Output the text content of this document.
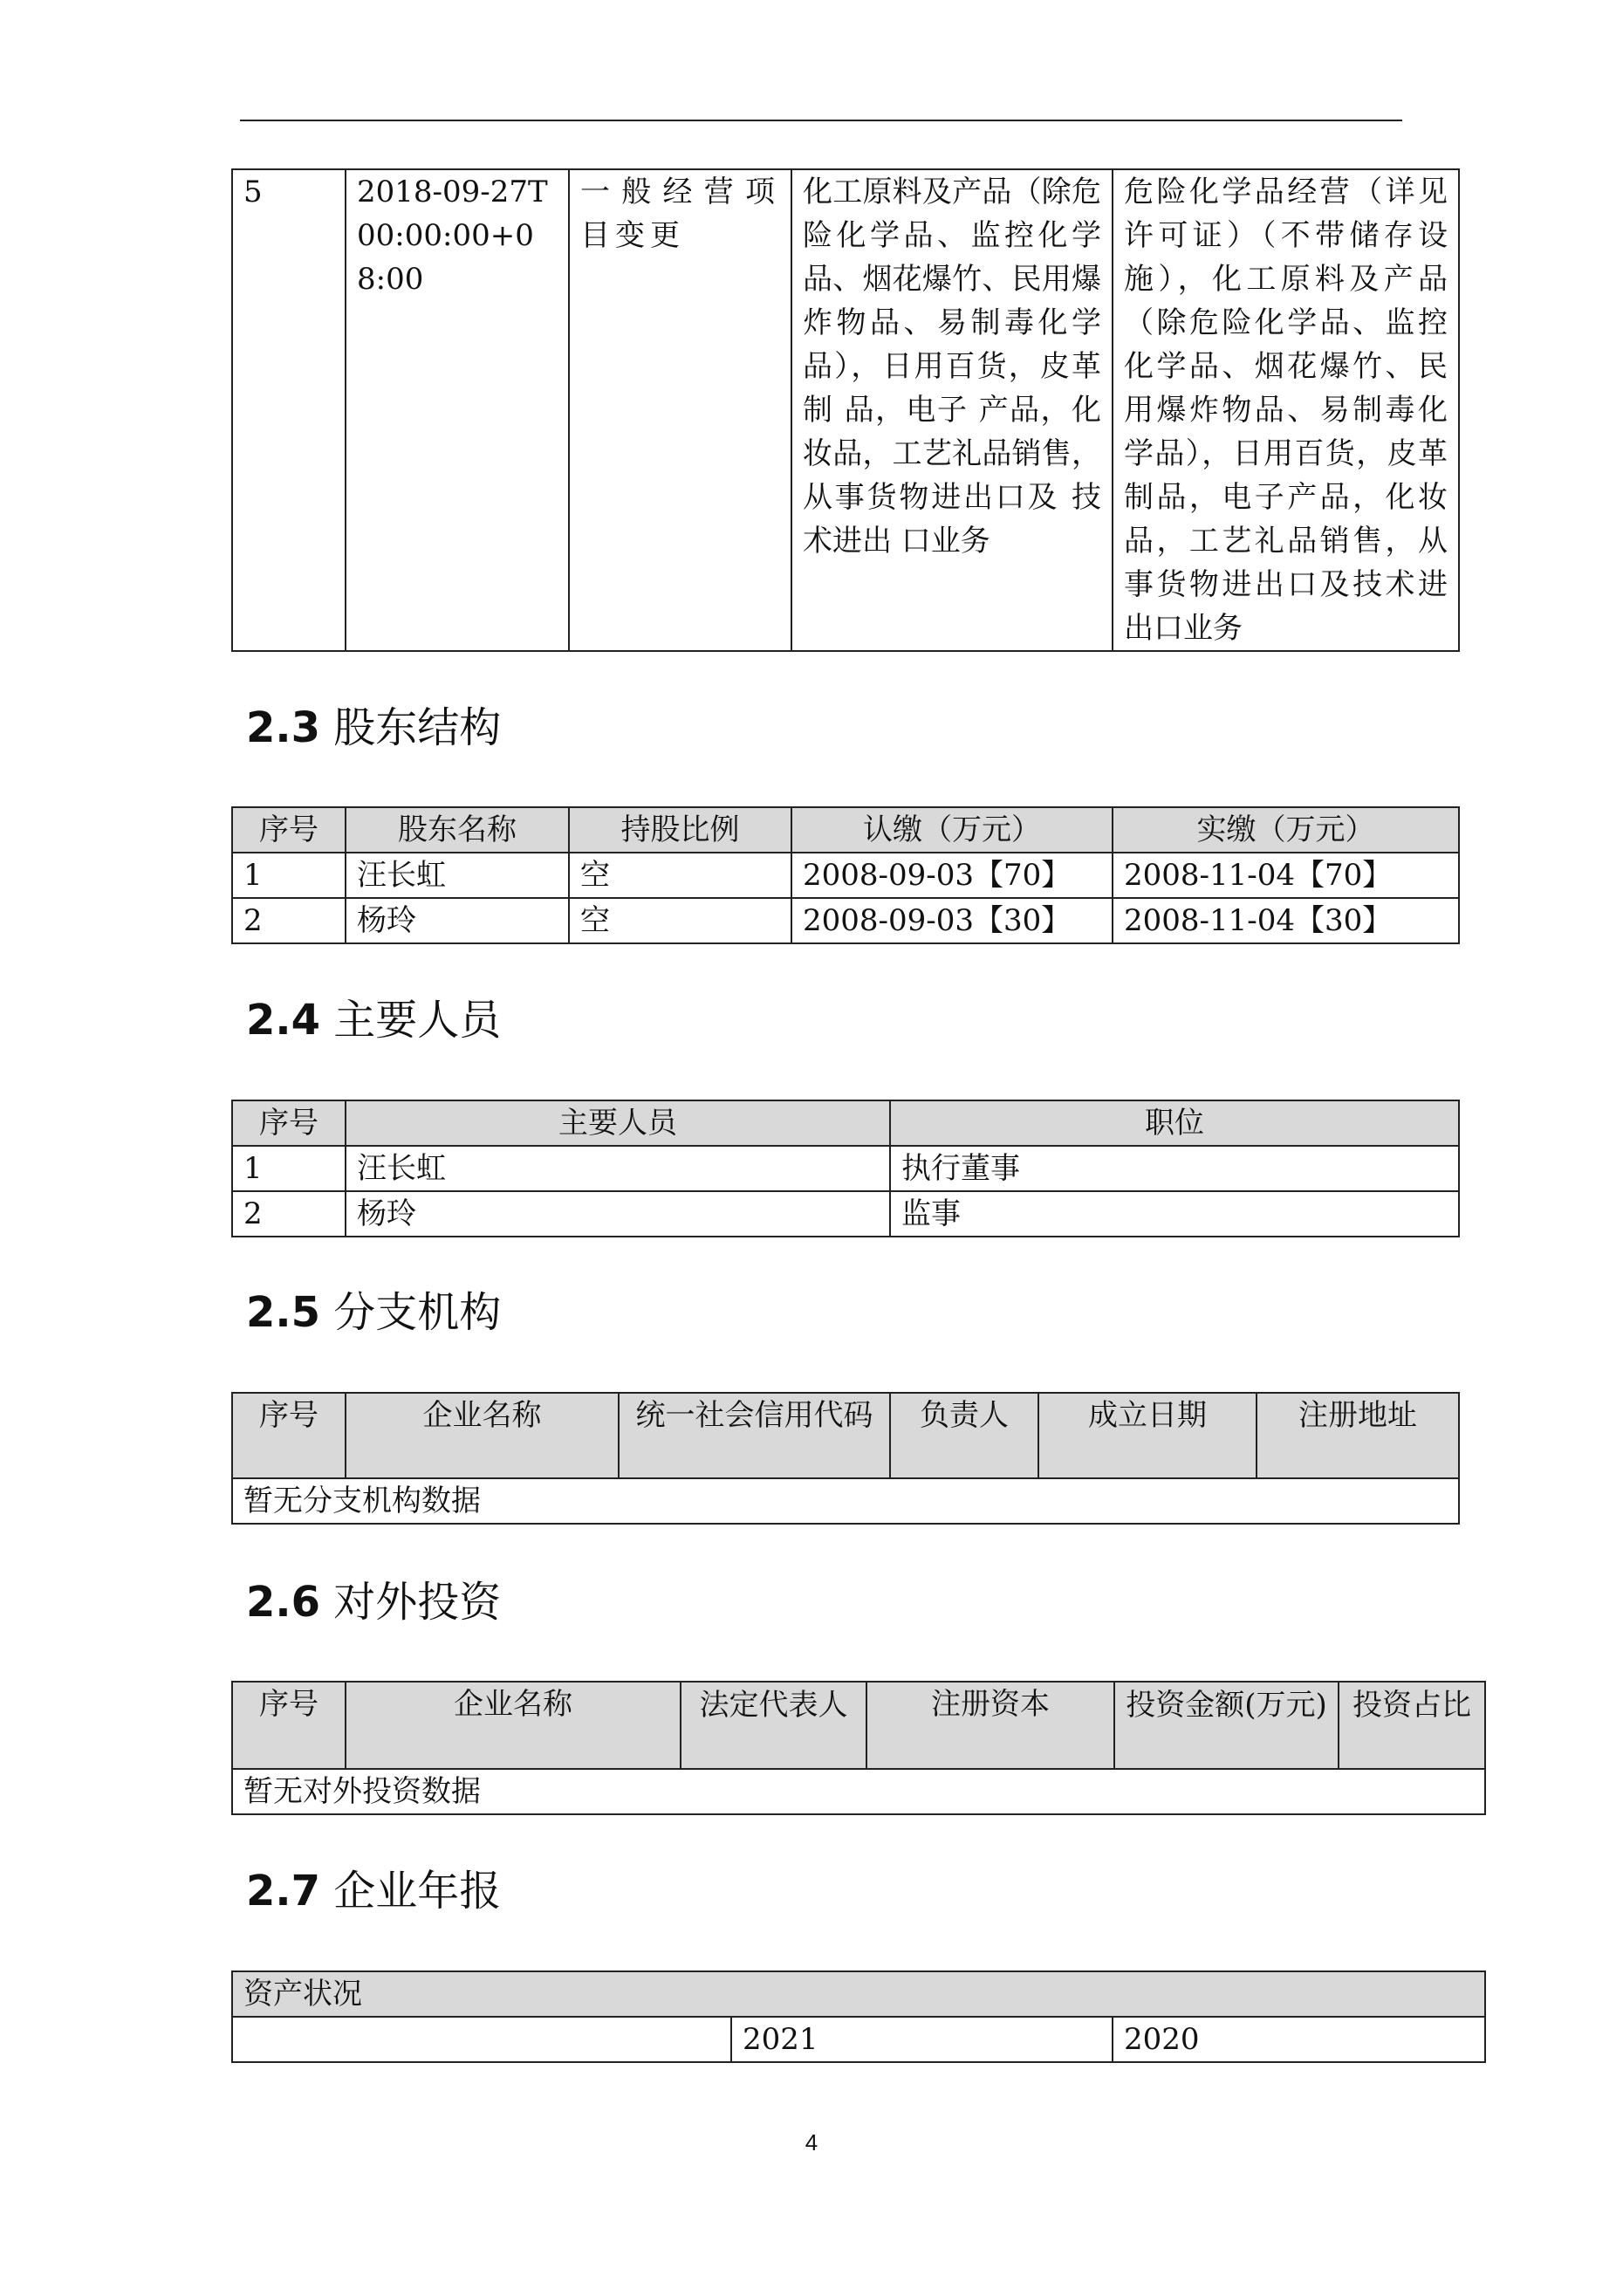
5	2018-09-27T00:00:00+08:00	一般经营项目变更	化工原料及产品（除危险化学品、监控化学品、烟花爆竹、民用爆炸物品、易制毒化学品），日用百货，皮革制 品，电子 产品，化妆品，工艺礼品销售，从事货物进出口及 技术进出 口业务	危险化学品经营（详见许可证）（不带储存设施），化工原料及产品（除危险化学品、监控化学品、烟花爆竹、民用爆炸物品、易制毒化学品），日用百货，皮革制品，电子产品，化妆品，工艺礼品销售，从事货物进出口及技术进出口业务
2.3 股东结构
序号	股东名称	持股比例	认缴（万元）	实缴（万元）
1	汪长虹	空	2008-09-03【70】	2008-11-04【70】
2	杨玲	空	2008-09-03【30】	2008-11-04【30】
2.4 主要人员
序号	主要人员	职位
1	汪长虹	执行董事
2	杨玲	监事
2.5 分支机构
序号	企业名称	统一社会信用代码	负责人	成立日期	注册地址
暂无分支机构数据
2.6 对外投资
序号	企业名称	法定代表人	注册资本	投资金额(万元)	投资占比
暂无对外投资数据
2.7 企业年报
资产状况
	2021	2020
4
